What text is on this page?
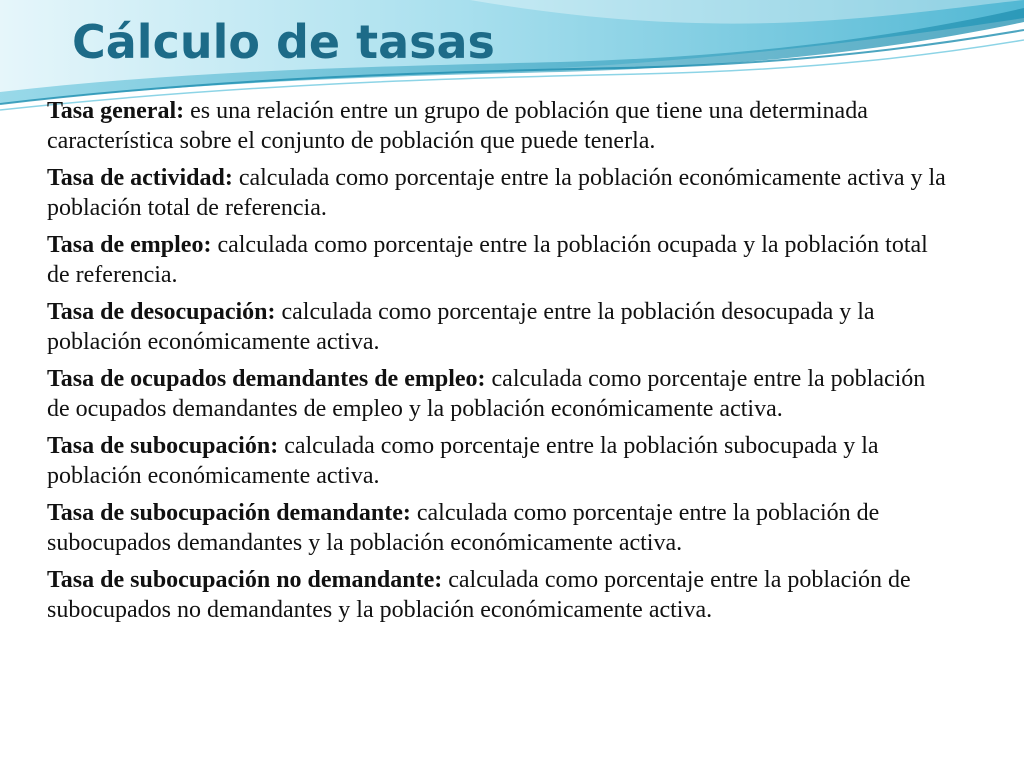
Cálculo de tasas

Tasa general: es una relación entre un grupo de población que tiene una determinada característica sobre el conjunto de población que puede tenerla.

Tasa de actividad: calculada como porcentaje entre la población económicamente activa y la población total de referencia.

Tasa de empleo: calculada como porcentaje entre la población ocupada y la población total de referencia.

Tasa de desocupación: calculada como porcentaje entre la población desocupada y la población económicamente activa.

Tasa de ocupados demandantes de empleo: calculada como porcentaje entre la población de ocupados demandantes de empleo y la población económicamente activa.

Tasa de subocupación: calculada como porcentaje entre la población subocupada y la población económicamente activa.

Tasa de subocupación demandante: calculada como porcentaje entre la población de subocupados demandantes y la población económicamente activa.

Tasa de subocupación no demandante: calculada como porcentaje entre la población de subocupados no demandantes y la población económicamente activa.
